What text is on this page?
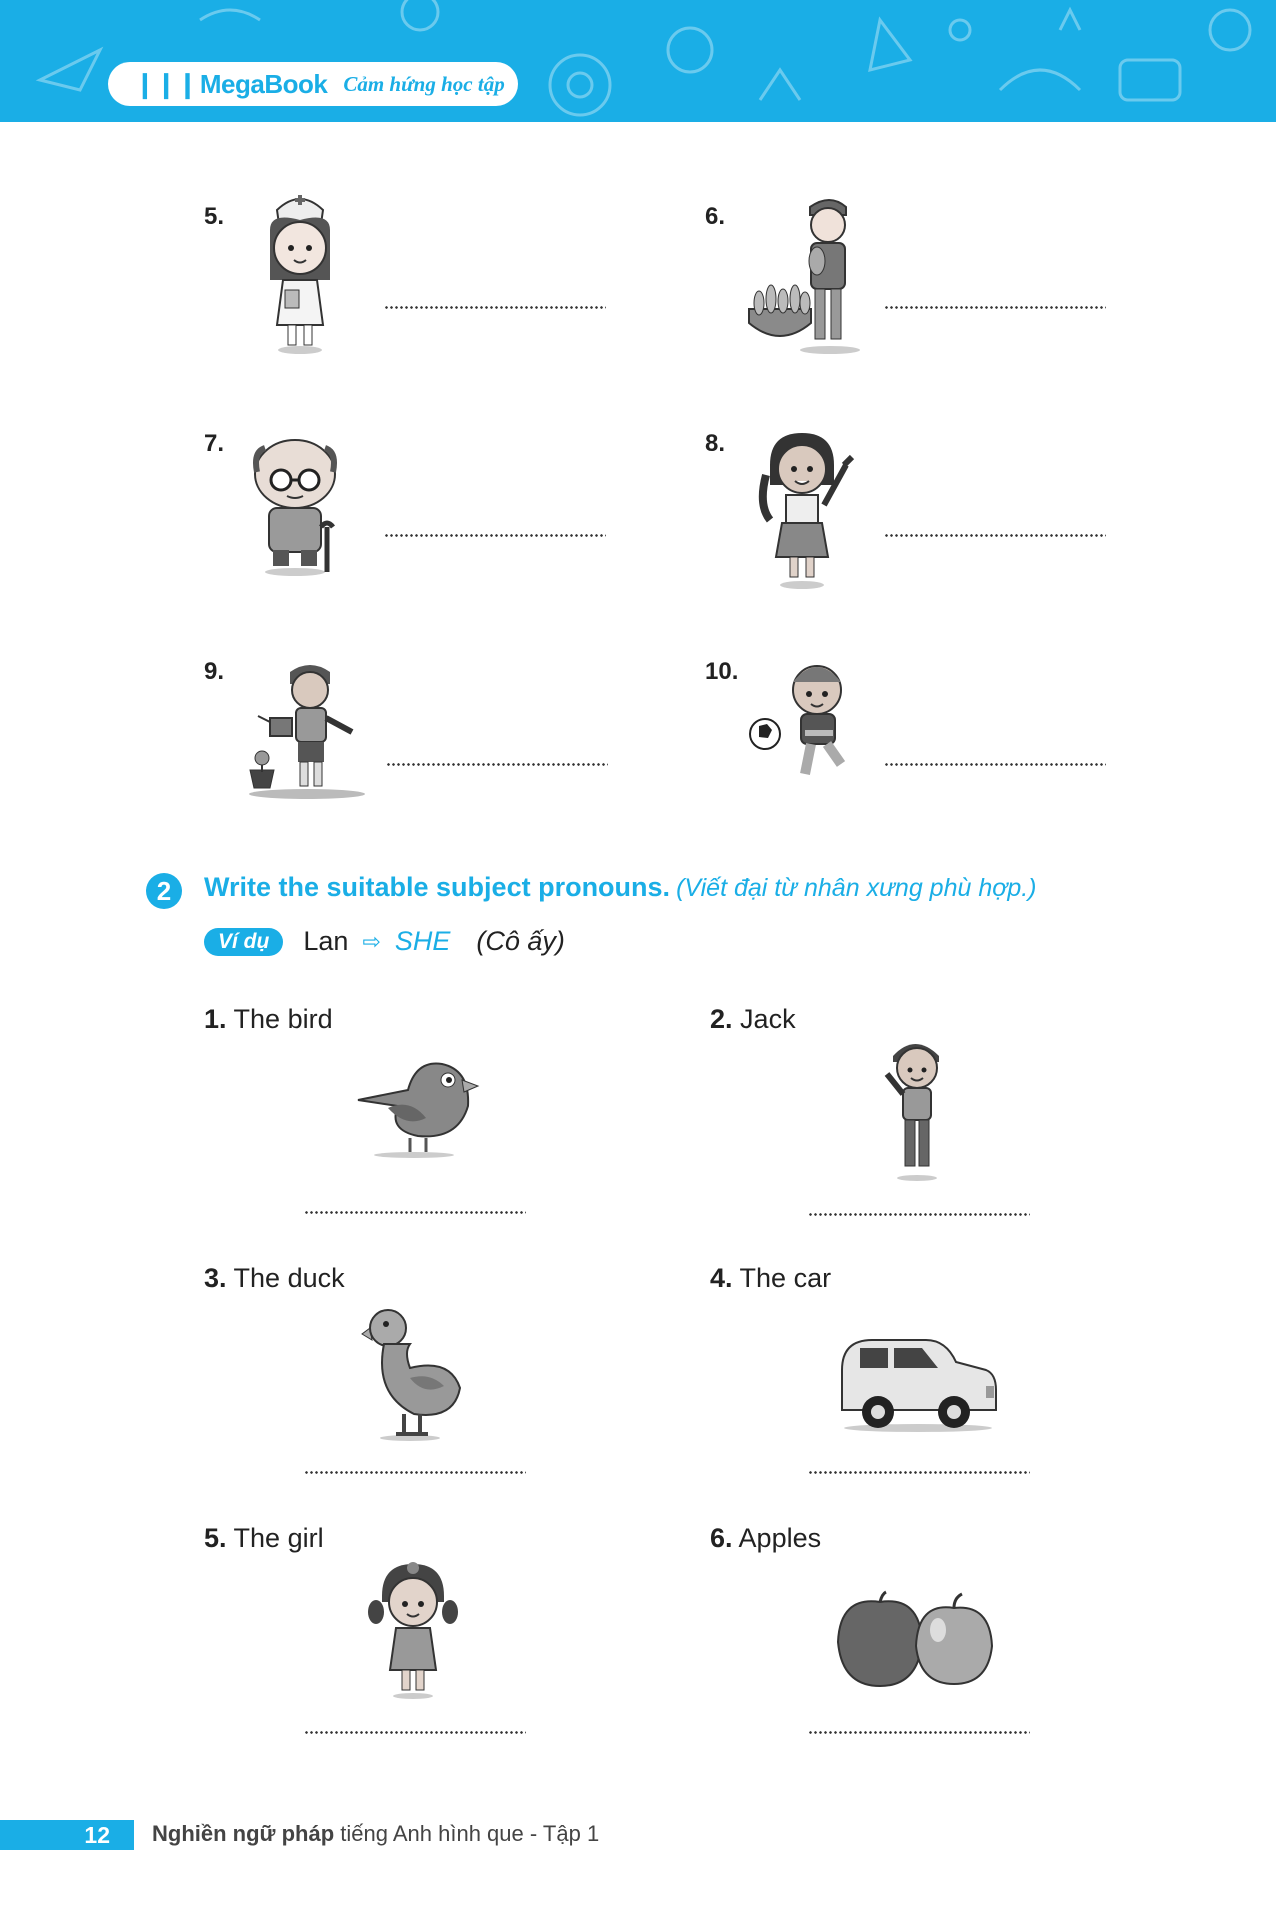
❙❙❙MegaBook Cảm hứng học tập
5.	6.
7.	8.
9.	10.
2	Write the suitable subject pronouns. (Viết đại từ nhân xưng phù hợp.)
Ví dụ	Lan ⇨ SHE (Cô ấy)
1. The bird	2. Jack
3. The duck	4. The car
5. The girl	6. Apples
12 Nghiền ngữ pháp tiếng Anh hình que - Tập 1
